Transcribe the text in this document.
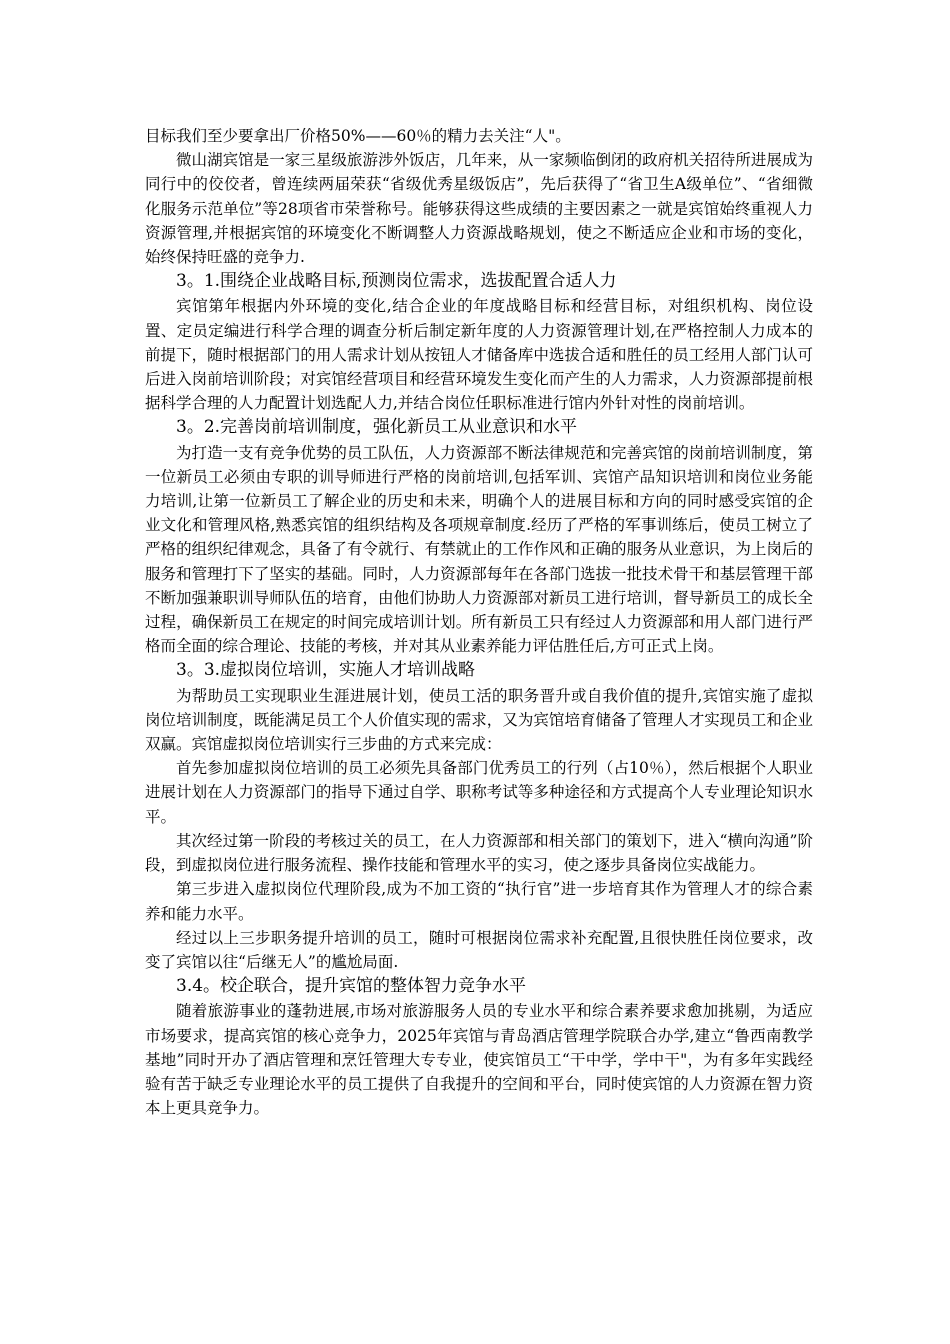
目标我们至少要拿出厂价格50%——60％的精力去关注“人"。

微山湖宾馆是一家三星级旅游涉外饭店，几年来，从一家频临倒闭的政府机关招待所进展成为同行中的佼佼者，曾连续两届荣获“省级优秀星级饭店”，先后获得了“省卫生A级单位”、“省细微化服务示范单位”等28项省市荣誉称号。能够获得这些成绩的主要因素之一就是宾馆始终重视人力资源管理,并根据宾馆的环境变化不断调整人力资源战略规划，使之不断适应企业和市场的变化，始终保持旺盛的竞争力.

3。1.围绕企业战略目标,预测岗位需求，选拔配置合适人力

宾馆第年根据内外环境的变化,结合企业的年度战略目标和经营目标，对组织机构、岗位设置、定员定编进行科学合理的调查分析后制定新年度的人力资源管理计划,在严格控制人力成本的前提下，随时根据部门的用人需求计划从按钮人才储备库中选拔合适和胜任的员工经用人部门认可后进入岗前培训阶段；对宾馆经营项目和经营环境发生变化而产生的人力需求，人力资源部提前根据科学合理的人力配置计划选配人力,并结合岗位任职标准进行馆内外针对性的岗前培训。

3。2.完善岗前培训制度，强化新员工从业意识和水平

为打造一支有竞争优势的员工队伍，人力资源部不断法律规范和完善宾馆的岗前培训制度，第一位新员工必须由专职的训导师进行严格的岗前培训,包括军训、宾馆产品知识培训和岗位业务能力培训,让第一位新员工了解企业的历史和未来，明确个人的进展目标和方向的同时感受宾馆的企业文化和管理风格,熟悉宾馆的组织结构及各项规章制度.经历了严格的军事训练后，使员工树立了严格的组织纪律观念，具备了有令就行、有禁就止的工作作风和正确的服务从业意识，为上岗后的服务和管理打下了坚实的基础。同时，人力资源部每年在各部门选拔一批技术骨干和基层管理干部不断加强兼职训导师队伍的培育，由他们协助人力资源部对新员工进行培训，督导新员工的成长全过程，确保新员工在规定的时间完成培训计划。所有新员工只有经过人力资源部和用人部门进行严格而全面的综合理论、技能的考核，并对其从业素养能力评估胜任后,方可正式上岗。

3。3.虚拟岗位培训，实施人才培训战略

为帮助员工实现职业生涯进展计划，使员工活的职务晋升或自我价值的提升,宾馆实施了虚拟岗位培训制度，既能满足员工个人价值实现的需求，又为宾馆培育储备了管理人才实现员工和企业双赢。宾馆虚拟岗位培训实行三步曲的方式来完成：

首先参加虚拟岗位培训的员工必须先具备部门优秀员工的行列（占10％），然后根据个人职业进展计划在人力资源部门的指导下通过自学、职称考试等多种途径和方式提高个人专业理论知识水平。

其次经过第一阶段的考核过关的员工，在人力资源部和相关部门的策划下，进入“横向沟通”阶段，到虚拟岗位进行服务流程、操作技能和管理水平的实习，使之逐步具备岗位实战能力。

第三步进入虚拟岗位代理阶段,成为不加工资的“执行官”进一步培育其作为管理人才的综合素养和能力水平。

经过以上三步职务提升培训的员工，随时可根据岗位需求补充配置,且很快胜任岗位要求，改变了宾馆以往“后继无人”的尴尬局面.

3.4。校企联合，提升宾馆的整体智力竞争水平

随着旅游事业的蓬勃进展,市场对旅游服务人员的专业水平和综合素养要求愈加挑剔，为适应市场要求，提高宾馆的核心竞争力，2025年宾馆与青岛酒店管理学院联合办学,建立“鲁西南教学基地”同时开办了酒店管理和烹饪管理大专专业，使宾馆员工“干中学，学中干"，为有多年实践经验有苦于缺乏专业理论水平的员工提供了自我提升的空间和平台，同时使宾馆的人力资源在智力资本上更具竞争力。
